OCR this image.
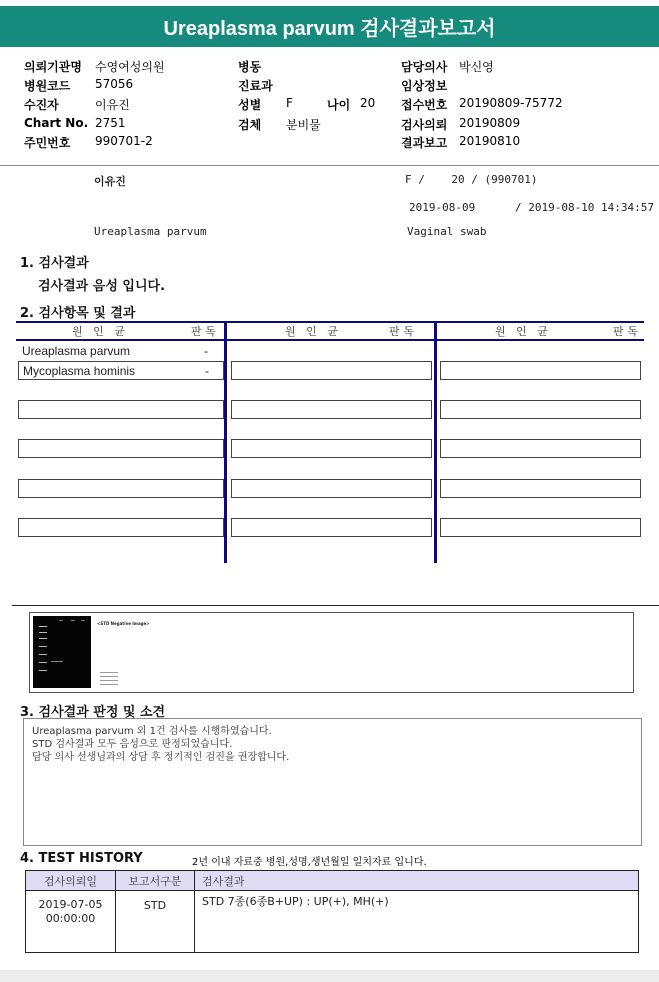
Ureaplasma parvum 검사결과보고서
의뢰기관명 수영여성의원
병원코드 57056
수진자	이유진
Chart No. 2751
주민번호 990701-2
병동
진료과
성별 F	나이 20
검체 분비물
담당의사 박신영
임상정보
접수번호 20190809-75772
검사의뢰 20190809
결과보고 20190810
이유진	F /    20 / (990701)
2019-08-09      / 2019-08-10 14:34:57
Ureaplasma parvum	Vaginal swab
1. 검사결과
검사결과 음성 입니다.
2. 검사항목 및 결과
원   인   균	판 독	원   인   균	판 독	원   인   균	판 독
Ureaplasma parvum	-
Mycoplasma hominis	-
<STD Negative Image>
3. 검사결과 판정 및 소견
Ureaplasma parvum 외 1건 검사를 시행하였습니다.
STD 검사결과 모두 음성으로 판정되었습니다.
담당 의사 선생님과의 상담 후 정기적인 검진을 권장합니다.
4. TEST HISTORY	2년 이내 자료중 병원,성명,생년월일 일치자료 입니다.
검사의뢰일	보고서구분	검사결과

2019-07-05
00:00:00	STD	STD 7종(6종B+UP) : UP(+), MH(+)
